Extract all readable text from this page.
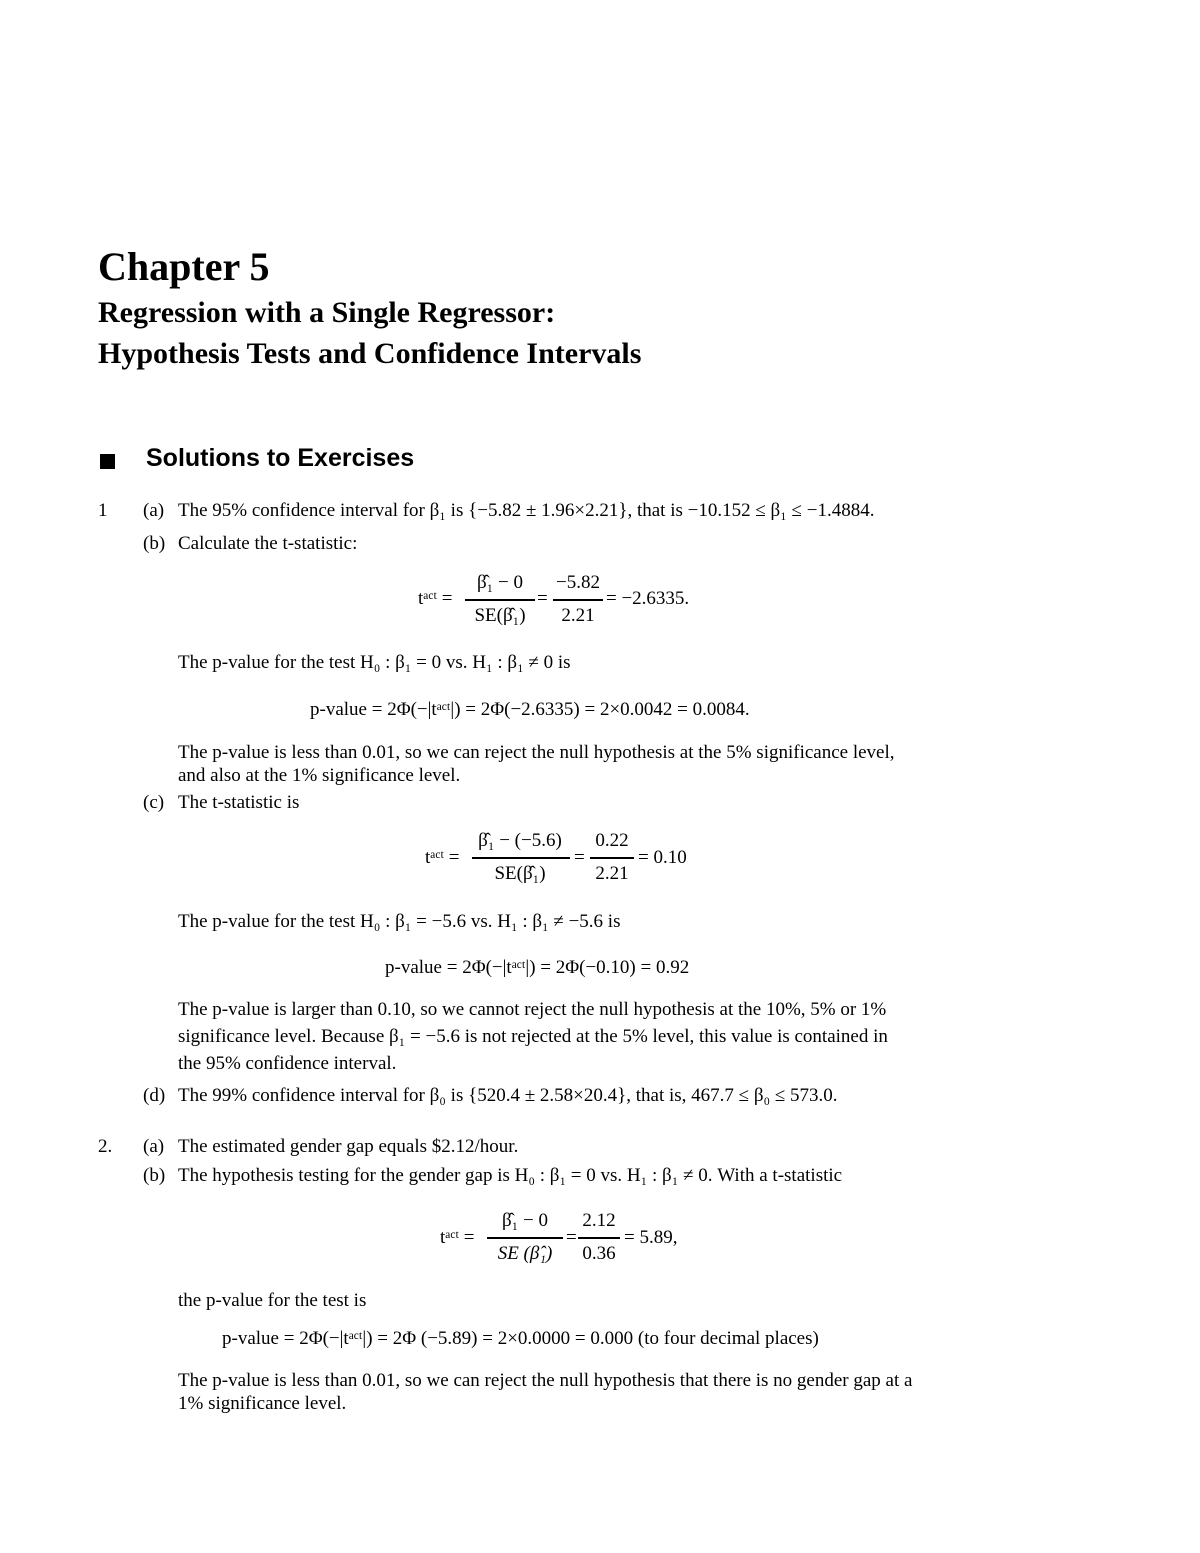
Chapter 5
Regression with a Single Regressor:
Hypothesis Tests and Confidence Intervals
Solutions to Exercises
1 (a) The 95% confidence interval for β₁ is {−5.82 ± 1.96×2.21}, that is −10.152 ≤ β₁ ≤ −1.4884.
(b) Calculate the t-statistic:
tᵃᶜᵗ =
β̂₁ − 0
SE(β̂₁)
=
−5.82
2.21
= −2.6335.
The p-value for the test H₀ : β₁ = 0 vs. H₁ : β₁ ≠ 0 is
p-value = 2Φ(−|tᵃᶜᵗ|) = 2Φ(−2.6335) = 2×0.0042 = 0.0084.
The p-value is less than 0.01, so we can reject the null hypothesis at the 5% significance level,
and also at the 1% significance level.
(c) The t-statistic is
tᵃᶜᵗ =
β̂₁ − (−5.6)
SE(β̂₁)
=
0.22
2.21
= 0.10
The p-value for the test H₀ : β₁ = −5.6 vs. H₁ : β₁ ≠ −5.6 is
p-value = 2Φ(−|tᵃᶜᵗ|) = 2Φ(−0.10) = 0.92
The p-value is larger than 0.10, so we cannot reject the null hypothesis at the 10%, 5% or 1%
significance level. Because β₁ = −5.6 is not rejected at the 5% level, this value is contained in
the 95% confidence interval.
(d) The 99% confidence interval for β₀ is {520.4 ± 2.58×20.4}, that is, 467.7 ≤ β₀ ≤ 573.0.
2. (a) The estimated gender gap equals $2.12/hour.
(b) The hypothesis testing for the gender gap is H₀ : β₁ = 0 vs. H₁ : β₁ ≠ 0. With a t-statistic
tᵃᶜᵗ =
β̂₁ − 0
SE (β̂₁)
=
2.12
0.36
= 5.89,
the p-value for the test is
p-value = 2Φ(−|tᵃᶜᵗ|) = 2Φ (−5.89) = 2×0.0000 = 0.000 (to four decimal places)
The p-value is less than 0.01, so we can reject the null hypothesis that there is no gender gap at a
1% significance level.
